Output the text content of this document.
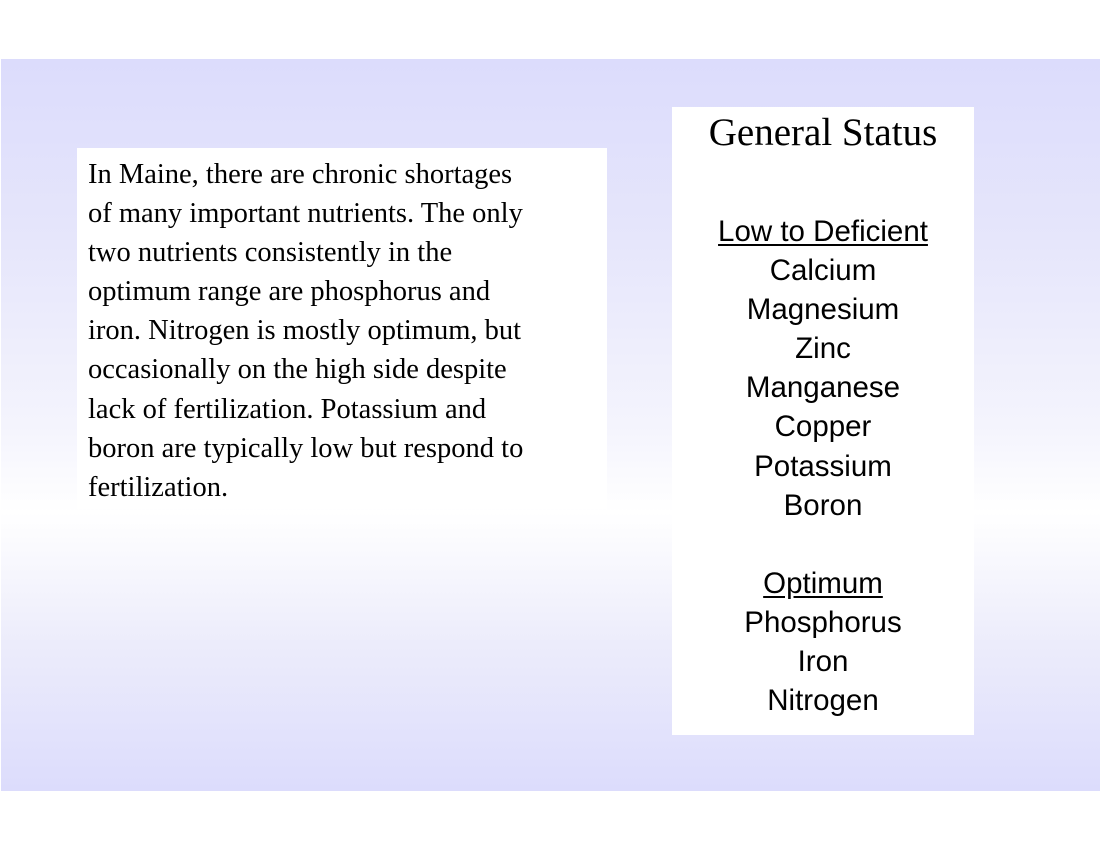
In Maine, there are chronic shortages
of many important nutrients. The only
two nutrients consistently in the
optimum range are phosphorus and
iron. Nitrogen is mostly optimum, but
occasionally on the high side despite
lack of fertilization. Potassium and
boron are typically low but respond to
fertilization.
General Status
Low to Deficient
Calcium
Magnesium
Zinc
Manganese
Copper
Potassium
Boron
Optimum
Phosphorus
Iron
Nitrogen
